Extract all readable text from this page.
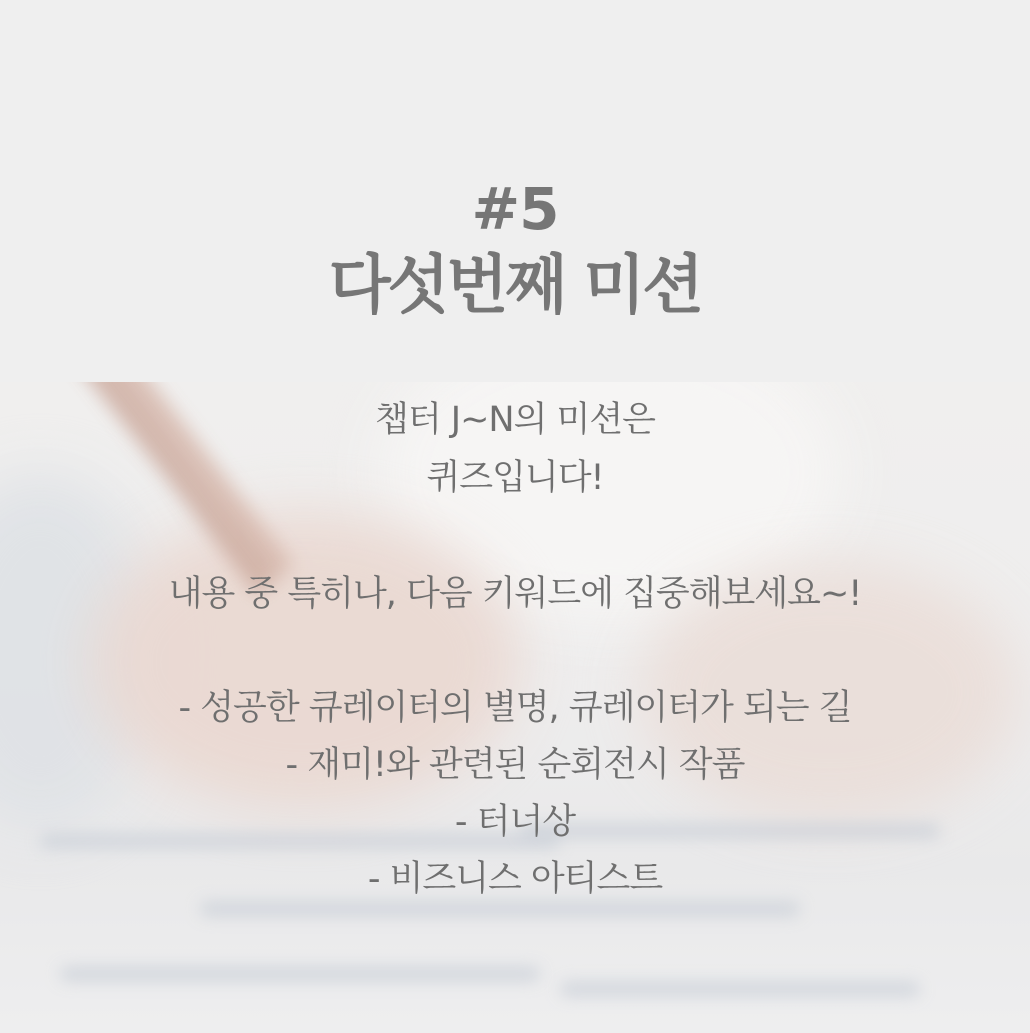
#5
다섯번째 미션
챕터 J~N의 미션은
퀴즈입니다!
내용 중 특히나, 다음 키워드에 집중해보세요~!
- 성공한 큐레이터의 별명, 큐레이터가 되는 길
- 재미!와 관련된 순회전시 작품
- 터너상
- 비즈니스 아티스트
